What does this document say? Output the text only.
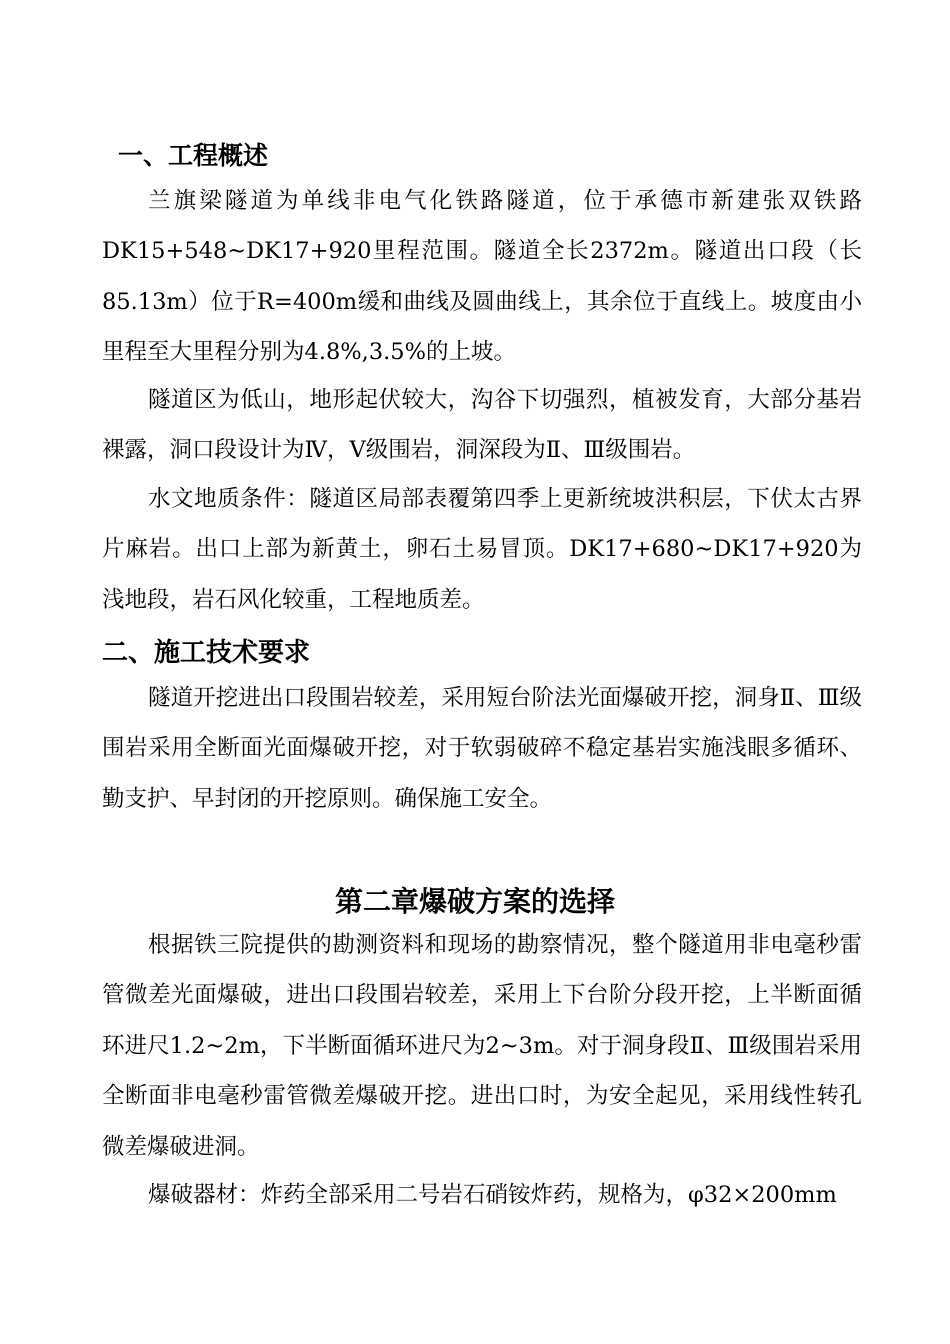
一、工程概述

兰旗梁隧道为单线非电气化铁路隧道，位于承德市新建张双铁路DK15+548~DK17+920里程范围。隧道全长2372m。隧道出口段（长85.13m）位于R=400m缓和曲线及圆曲线上，其余位于直线上。坡度由小里程至大里程分别为4.8%,3.5%的上坡。

隧道区为低山，地形起伏较大，沟谷下切强烈，植被发育，大部分基岩裸露，洞口段设计为Ⅳ，Ⅴ级围岩，洞深段为Ⅱ、Ⅲ级围岩。

水文地质条件：隧道区局部表覆第四季上更新统坡洪积层，下伏太古界片麻岩。出口上部为新黄土，卵石土易冒顶。DK17+680~DK17+920为浅地段，岩石风化较重，工程地质差。

二、施工技术要求

隧道开挖进出口段围岩较差，采用短台阶法光面爆破开挖，洞身Ⅱ、Ⅲ级围岩采用全断面光面爆破开挖，对于软弱破碎不稳定基岩实施浅眼多循环、勤支护、早封闭的开挖原则。确保施工安全。

第二章爆破方案的选择

根据铁三院提供的勘测资料和现场的勘察情况，整个隧道用非电毫秒雷管微差光面爆破，进出口段围岩较差，采用上下台阶分段开挖，上半断面循环进尺1.2~2m，下半断面循环进尺为2~3m。对于洞身段Ⅱ、Ⅲ级围岩采用全断面非电毫秒雷管微差爆破开挖。进出口时，为安全起见，采用线性转孔微差爆破进洞。

爆破器材：炸药全部采用二号岩石硝铵炸药，规格为，φ32×200mm
